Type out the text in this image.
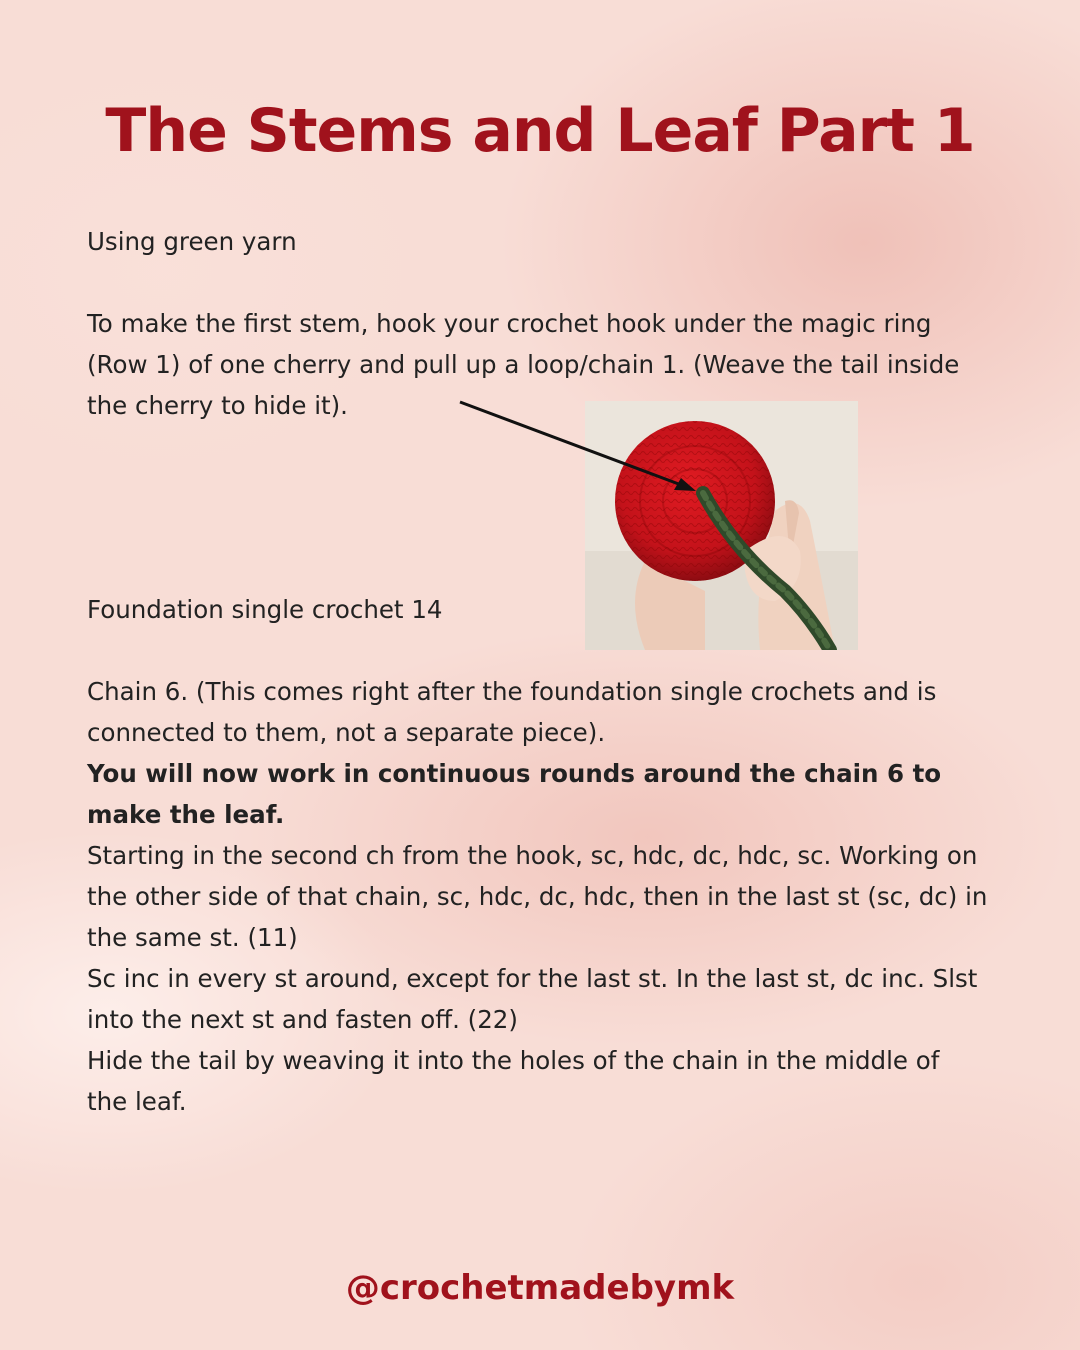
The Stems and Leaf Part 1

Using green yarn

To make the first stem, hook your crochet hook under the magic ring (Row 1) of one cherry and pull up a loop/chain 1. (Weave the tail inside the cherry to hide it).

Foundation single crochet 14

Chain 6. (This comes right after the foundation single crochets and is connected to them, not a separate piece).

You will now work in continuous rounds around the chain 6 to make the leaf.

Starting in the second ch from the hook, sc, hdc, dc, hdc, sc. Working on the other side of that chain, sc, hdc, dc, hdc, then in the last st (sc, dc) in the same st. (11)

Sc inc in every st around, except for the last st. In the last st, dc inc. Slst into the next st and fasten off. (22)

Hide the tail by weaving it into the holes of the chain in the middle of the leaf.

@crochetmadebymk
